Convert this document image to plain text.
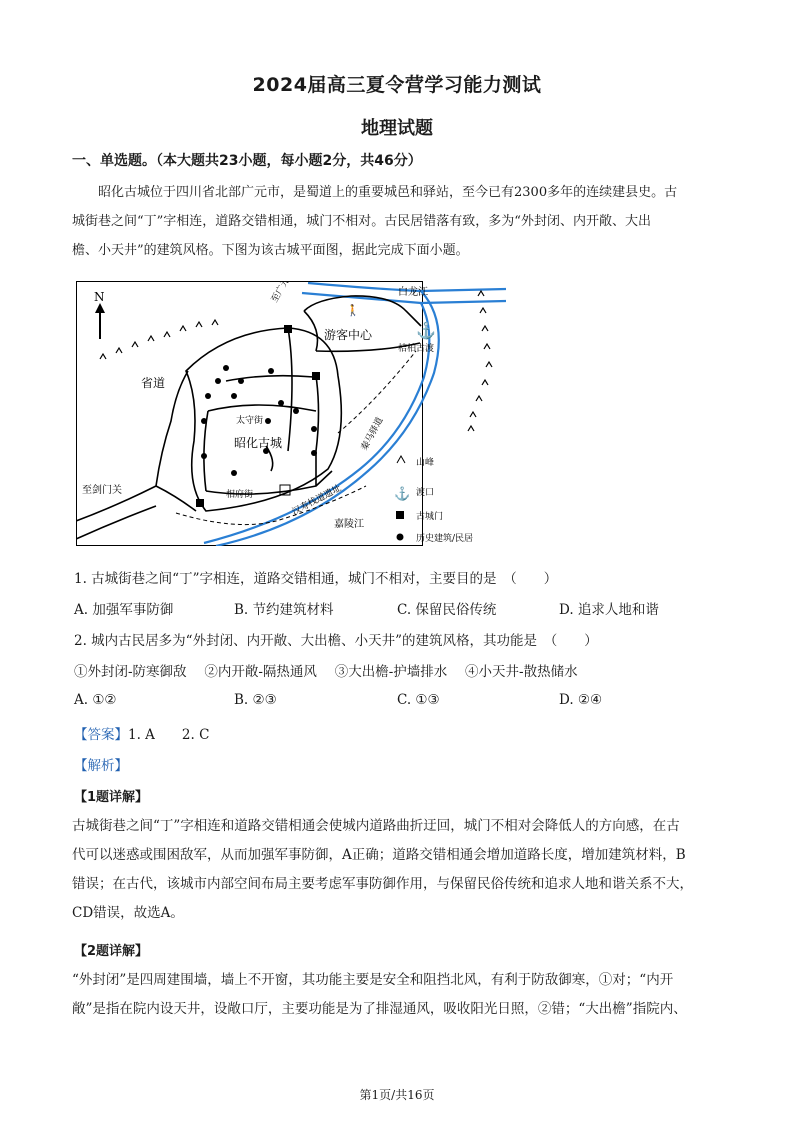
2024届高三夏令营学习能力测试
地理试题
一、单选题。（本大题共23小题，每小题2分，共46分）
昭化古城位于四川省北部广元市，是蜀道上的重要城邑和驿站，至今已有2300多年的连续建县史。古
城街巷之间“丁”字相连，道路交错相通，城门不相对。古民居错落有致，多为“外封闭、内开敞、大出
檐、小天井”的建筑风格。下图为该古城平面图，据此完成下面小题。
N
🚶
⚓
白龙江
至广元
游客中心
桔柏古渡
省道
太守街
昭化古城	秦马驿道
相府街	汉寿栈道遗址
嘉陵江
至剑门关
山峰
⚓ 渡口
古城门
历史建筑/民居
1. 古城街巷之间“丁”字相连，道路交错相通，城门不相对，主要目的是　（　　）
A. 加强军事防御	B. 节约建筑材料	C. 保留民俗传统	D. 追求人地和谐
2. 城内古民居多为“外封闭、内开敞、大出檐、小天井”的建筑风格，其功能是　（　　）
①外封闭-防寒御敌　 ②内开敞-隔热通风　 ③大出檐-护墙排水　 ④小天井-散热储水
A. ①②	B. ②③	C. ①③	D. ②④
【答案】1. A　　2. C
【解析】
【1题详解】
古城街巷之间“丁”字相连和道路交错相通会使城内道路曲折迂回，城门不相对会降低人的方向感，在古
代可以迷惑或围困敌军，从而加强军事防御，A正确；道路交错相通会增加道路长度，增加建筑材料，B
错误；在古代，该城市内部空间布局主要考虑军事防御作用，与保留民俗传统和追求人地和谐关系不大，
CD错误，故选A。
【2题详解】
“外封闭”是四周建围墙，墙上不开窗，其功能主要是安全和阻挡北风，有利于防敌御寒，①对；“内开
敞”是指在院内设天井，设敞口厅，主要功能是为了排湿通风，吸收阳光日照，②错；“大出檐”指院内、
第1页/共16页
